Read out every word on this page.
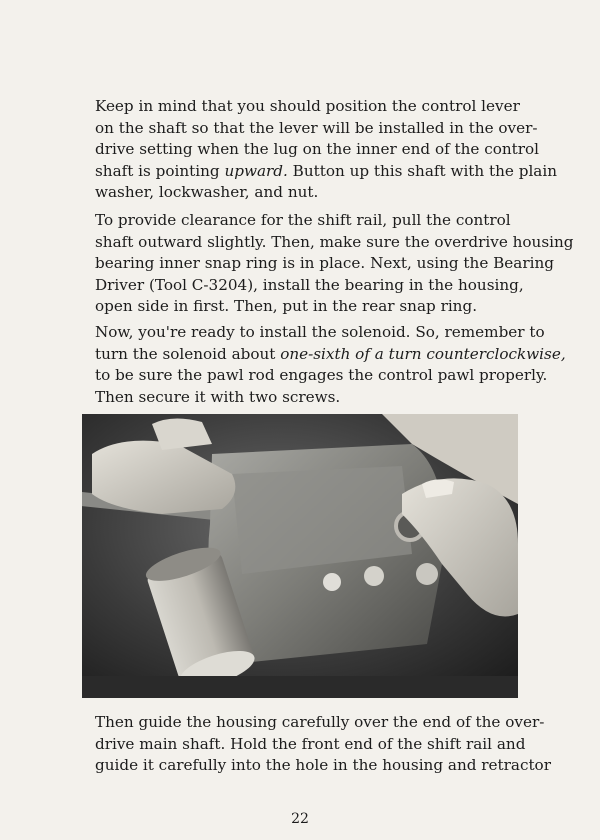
Keep in mind that you should position the control lever
on the shaft so that the lever will be installed in the over-
drive setting when the lug on the inner end of the control
shaft is pointing upward. Button up this shaft with the plain
washer, lockwasher, and nut.

To provide clearance for the shift rail, pull the control
shaft outward slightly. Then, make sure the overdrive housing
bearing inner snap ring is in place. Next, using the Bearing
Driver (Tool C-3204), install the bearing in the housing,
open side in first. Then, put in the rear snap ring.

Now, you're ready to install the solenoid. So, remember to
turn the solenoid about one-sixth of a turn counterclockwise,
to be sure the pawl rod engages the control pawl properly.
Then secure it with two screws.

Then guide the housing carefully over the end of the over-
drive main shaft. Hold the front end of the shift rail and
guide it carefully into the hole in the housing and retractor

22
